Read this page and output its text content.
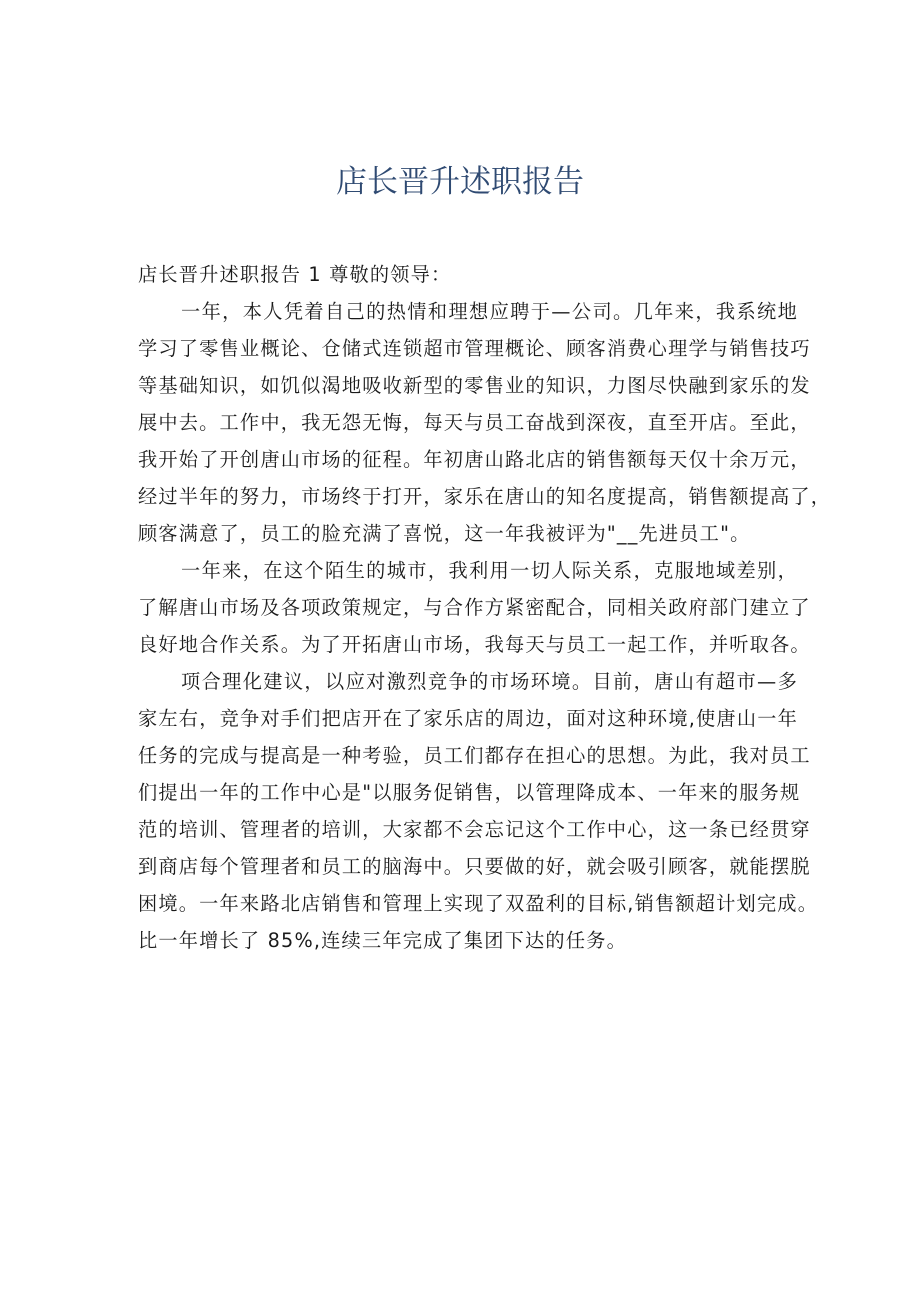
店长晋升述职报告
店长晋升述职报告 1 尊敬的领导：
一年，本人凭着自己的热情和理想应聘于—公司。几年来，我系统地
学习了零售业概论、仓储式连锁超市管理概论、顾客消费心理学与销售技巧
等基础知识，如饥似渴地吸收新型的零售业的知识，力图尽快融到家乐的发
展中去。工作中，我无怨无悔，每天与员工奋战到深夜，直至开店。至此，
我开始了开创唐山市场的征程。年初唐山路北店的销售额每天仅十余万元，
经过半年的努力，市场终于打开，家乐在唐山的知名度提高，销售额提高了，
顾客满意了，员工的脸充满了喜悦，这一年我被评为"__先进员工"。
一年来，在这个陌生的城市，我利用一切人际关系，克服地域差别，
了解唐山市场及各项政策规定，与合作方紧密配合，同相关政府部门建立了
良好地合作关系。为了开拓唐山市场，我每天与员工一起工作，并听取各。
项合理化建议，以应对激烈竞争的市场环境。目前，唐山有超市—多
家左右，竞争对手们把店开在了家乐店的周边，面对这种环境,使唐山一年
任务的完成与提高是一种考验，员工们都存在担心的思想。为此，我对员工
们提出一年的工作中心是"以服务促销售，以管理降成本、一年来的服务规
范的培训、管理者的培训，大家都不会忘记这个工作中心，这一条已经贯穿
到商店每个管理者和员工的脑海中。只要做的好，就会吸引顾客，就能摆脱
困境。一年来路北店销售和管理上实现了双盈利的目标,销售额超计划完成。
比一年增长了 85%,连续三年完成了集团下达的任务。
